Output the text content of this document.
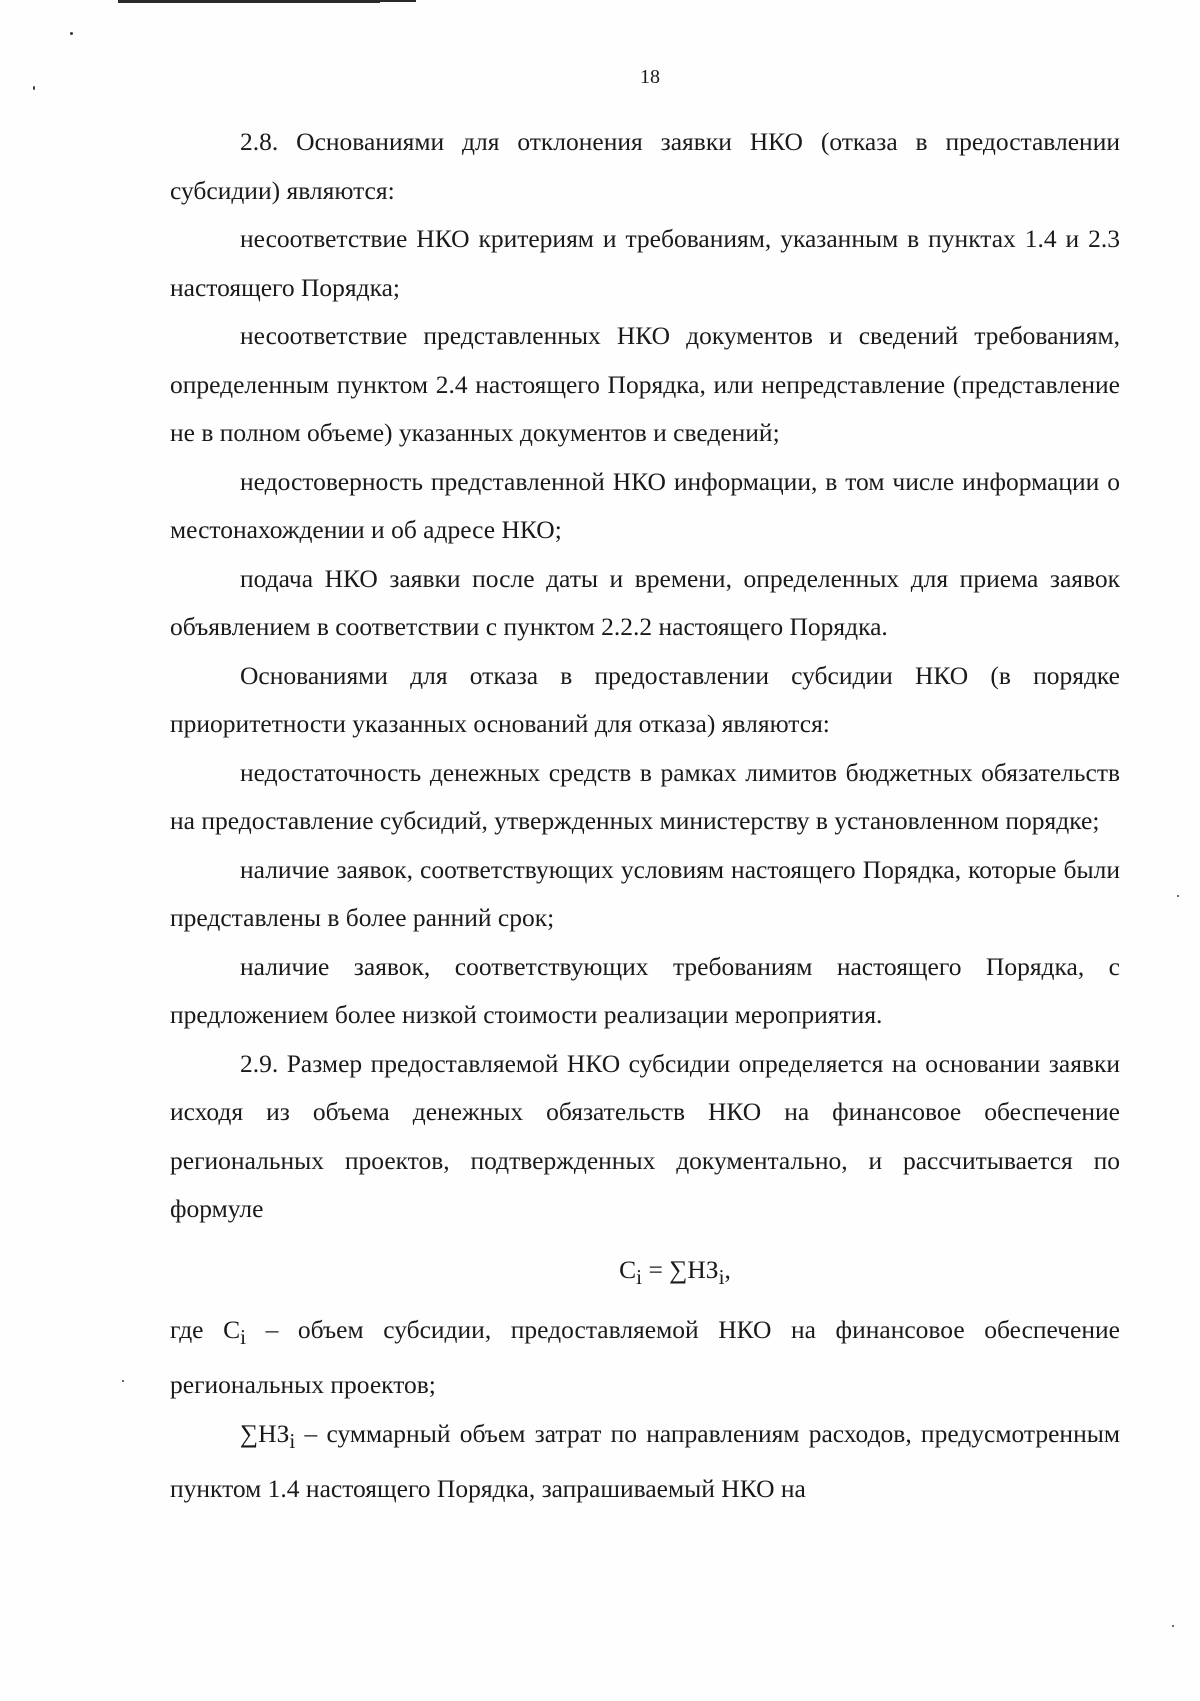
18

2.8. Основаниями для отклонения заявки НКО (отказа в предоставлении субсидии) являются:

несоответствие НКО критериям и требованиям, указанным в пунктах 1.4 и 2.3 настоящего Порядка;

несоответствие представленных НКО документов и сведений требованиям, определенным пунктом 2.4 настоящего Порядка, или непредставление (представление не в полном объеме) указанных документов и сведений;

недостоверность представленной НКО информации, в том числе информации о местонахождении и об адресе НКО;

подача НКО заявки после даты и времени, определенных для приема заявок объявлением в соответствии с пунктом 2.2.2 настоящего Порядка.

Основаниями для отказа в предоставлении субсидии НКО (в порядке приоритетности указанных оснований для отказа) являются:

недостаточность денежных средств в рамках лимитов бюджетных обязательств на предоставление субсидий, утвержденных министерству в установленном порядке;

наличие заявок, соответствующих условиям настоящего Порядка, которые были представлены в более ранний срок;

наличие заявок, соответствующих требованиям настоящего Порядка, с предложением более низкой стоимости реализации мероприятия.

2.9. Размер предоставляемой НКО субсидии определяется на основании заявки исходя из объема денежных обязательств НКО на финансовое обеспечение региональных проектов, подтвержденных документально, и рассчитывается по формуле

$C_i = \sum НЗ_i$,

где $C_i$ – объем субсидии, предоставляемой НКО на финансовое обеспечение региональных проектов;

$\sum НЗ_i$ – суммарный объем затрат по направлениям расходов, предусмотренным пунктом 1.4 настоящего Порядка, запрашиваемый НКО на
